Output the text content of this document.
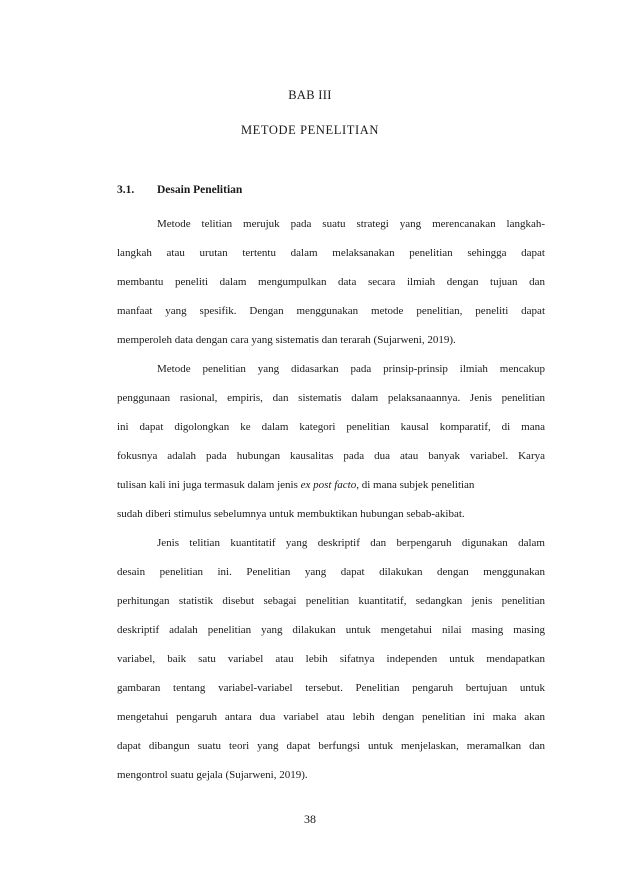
BAB III
METODE PENELITIAN
3.1. Desain Penelitian
Metode telitian merujuk pada suatu strategi yang merencanakan langkah-
langkah atau urutan tertentu dalam melaksanakan penelitian sehingga dapat
membantu peneliti dalam mengumpulkan data secara ilmiah dengan tujuan dan
manfaat yang spesifik. Dengan menggunakan metode penelitian, peneliti dapat
memperoleh data dengan cara yang sistematis dan terarah (Sujarweni, 2019).
Metode penelitian yang didasarkan pada prinsip-prinsip ilmiah mencakup
penggunaan rasional, empiris, dan sistematis dalam pelaksanaannya. Jenis penelitian
ini dapat digolongkan ke dalam kategori penelitian kausal komparatif, di mana
fokusnya adalah pada hubungan kausalitas pada dua atau banyak variabel. Karya
tulisan kali ini juga termasuk dalam jenis ex post facto, di mana subjek penelitian
sudah diberi stimulus sebelumnya untuk membuktikan hubungan sebab-akibat.
Jenis telitian kuantitatif yang deskriptif dan berpengaruh digunakan dalam
desain penelitian ini. Penelitian yang dapat dilakukan dengan menggunakan
perhitungan statistik disebut sebagai penelitian kuantitatif, sedangkan jenis penelitian
deskriptif adalah penelitian yang dilakukan untuk mengetahui nilai masing masing
variabel, baik satu variabel atau lebih sifatnya independen untuk mendapatkan
gambaran tentang variabel-variabel tersebut. Penelitian pengaruh bertujuan untuk
mengetahui pengaruh antara dua variabel atau lebih dengan penelitian ini maka akan
dapat dibangun suatu teori yang dapat berfungsi untuk menjelaskan, meramalkan dan
mengontrol suatu gejala (Sujarweni, 2019).
38
